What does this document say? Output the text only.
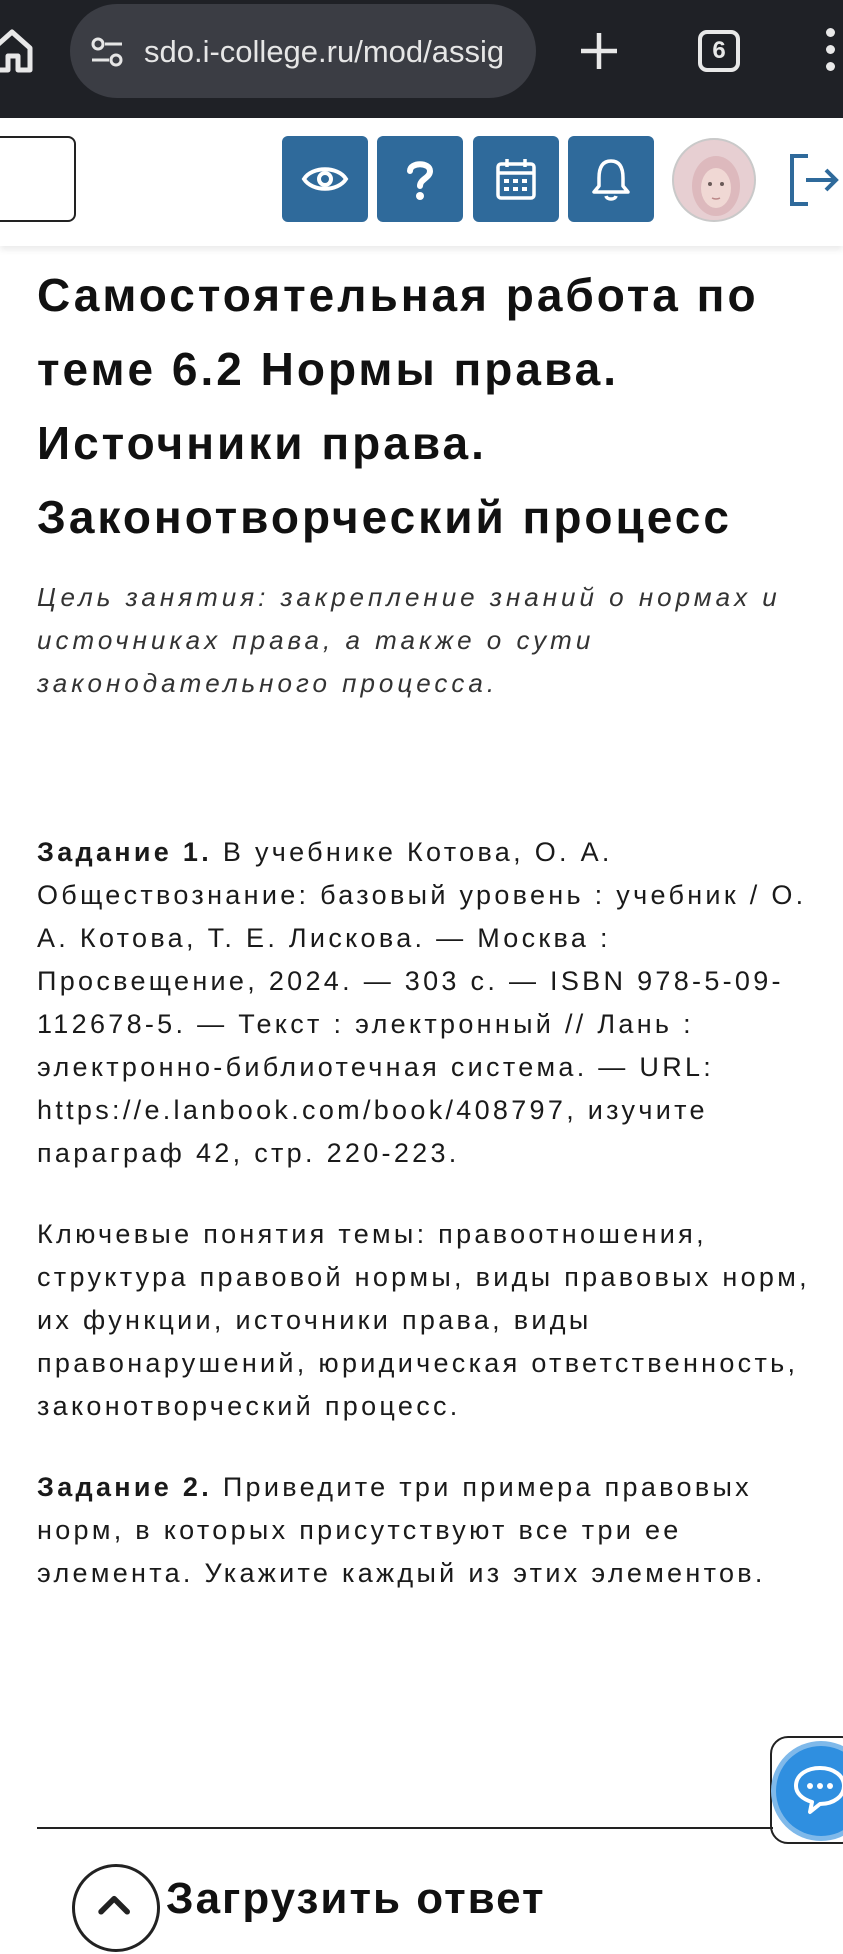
sdo.i-college.ru/mod/assig	6
Самостоятельная работа по теме 6.2 Нормы права. Источники права. Законотворческий процесс

Цель занятия: закрепление знаний о нормах и источниках права, а также о сути законодательного процесса.

Задание 1. В учебнике Котова, О. А. Обществознание: базовый уровень : учебник / О. А. Котова, Т. Е. Лискова. — Москва : Просвещение, 2024. — 303 с. — ISBN 978-5-09-112678-5. — Текст : электронный // Лань : электронно-библиотечная система. — URL: https://e.lanbook.com/book/408797, изучите параграф 42, стр. 220-223.

Ключевые понятия темы: правоотношения, структура правовой нормы, виды правовых норм, их функции, источники права, виды правонарушений, юридическая ответственность, законотворческий процесс.

Задание 2. Приведите три примера правовых норм, в которых присутствуют все три ее элемента. Укажите каждый из этих элементов.

Загрузить ответ
